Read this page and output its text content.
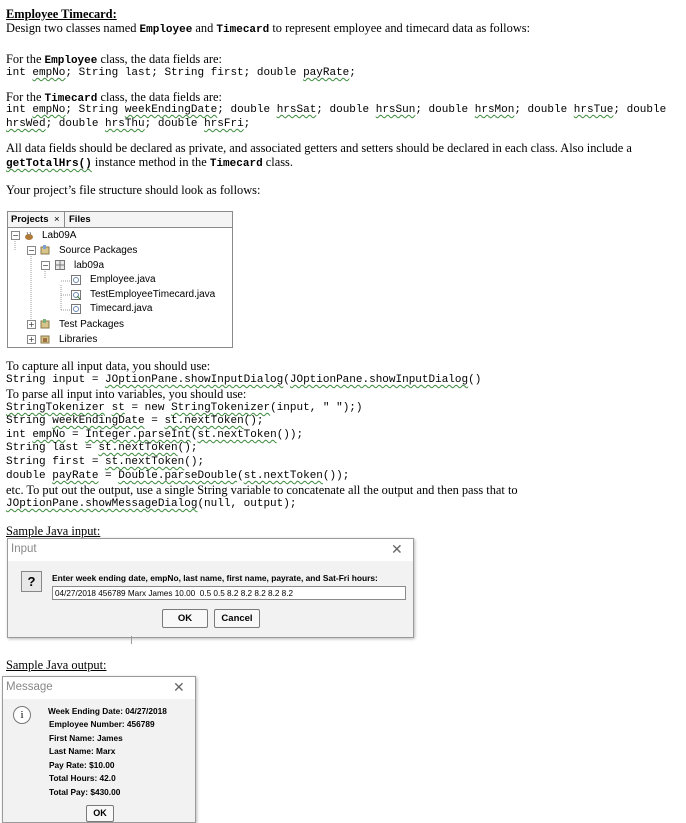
Employee Timecard:
Design two classes named Employee and Timecard to represent employee and timecard data as follows:
For the Employee class, the data fields are:
int empNo; String last; String first; double payRate;
For the Timecard class, the data fields are:
int empNo; String weekEndingDate; double hrsSat; double hrsSun; double hrsMon; double hrsTue; double
hrsWed; double hrsThu; double hrsFri;
All data fields should be declared as private, and associated getters and setters should be declared in each class. Also include a
getTotalHrs() instance method in the Timecard class.
Your project’s file structure should look as follows:
Projects × Files
− Lab09A
− Source Packages
−	lab09a
Employee.java
TestEmployeeTimecard.java
Timecard.java
+ Test Packages
+ Libraries
To capture all input data, you should use:
String input = JOptionPane.showInputDialog(JOptionPane.showInputDialog()
To parse all input into variables, you should use:
StringTokenizer st = new StringTokenizer(input, " ");)
String weekEndingDate = st.nextToken();
int empNo = Integer.parseInt(st.nextToken());
String last = st.nextToken();
String first = st.nextToken();
double payRate = Double.parseDouble(st.nextToken());
etc. To put out the output, use a single String variable to concatenate all the output and then pass that to
JOptionPane.showMessageDialog(null, output);
Sample Java input:
Input	✕
?	Enter week ending date, empNo, last name, first name, payrate, and Sat-Fri hours:
04/27/2018 456789 Marx James 10.00 0.5 0.5 8.2 8.2 8.2 8.2 8.2
OK	Cancel
Sample Java output:
Message	✕
i	Week Ending Date: 04/27/2018
Employee Number: 456789
First Name: James
Last Name: Marx
Pay Rate: $10.00
Total Hours: 42.0
Total Pay: $430.00
OK
